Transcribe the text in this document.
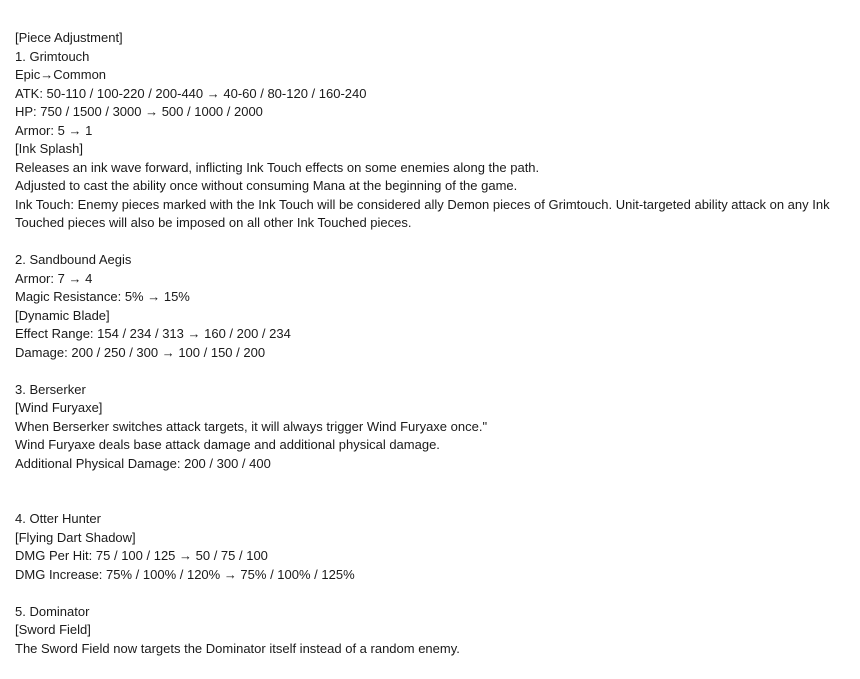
[Piece Adjustment]
1. Grimtouch
Epic→Common
ATK: 50-110 / 100-220 / 200-440 → 40-60 / 80-120 / 160-240
HP: 750 / 1500 / 3000 → 500 / 1000 / 2000
Armor: 5 → 1
[Ink Splash]
Releases an ink wave forward, inflicting Ink Touch effects on some enemies along the path.
Adjusted to cast the ability once without consuming Mana at the beginning of the game.
Ink Touch: Enemy pieces marked with the Ink Touch will be considered ally Demon pieces of Grimtouch. Unit-targeted ability attack on any Ink Touched pieces will also be imposed on all other Ink Touched pieces.
2. Sandbound Aegis
Armor: 7 → 4
Magic Resistance: 5% → 15%
[Dynamic Blade]
Effect Range: 154 / 234 / 313 → 160 / 200 / 234
Damage: 200 / 250 / 300 → 100 / 150 / 200
3. Berserker
[Wind Furyaxe]
When Berserker switches attack targets, it will always trigger Wind Furyaxe once."
Wind Furyaxe deals base attack damage and additional physical damage.
Additional Physical Damage: 200 / 300 / 400
4. Otter Hunter
[Flying Dart Shadow]
DMG Per Hit: 75 / 100 / 125 → 50 / 75 / 100
DMG Increase: 75% / 100% / 120% → 75% / 100% / 125%
5. Dominator
[Sword Field]
The Sword Field now targets the Dominator itself instead of a random enemy.
